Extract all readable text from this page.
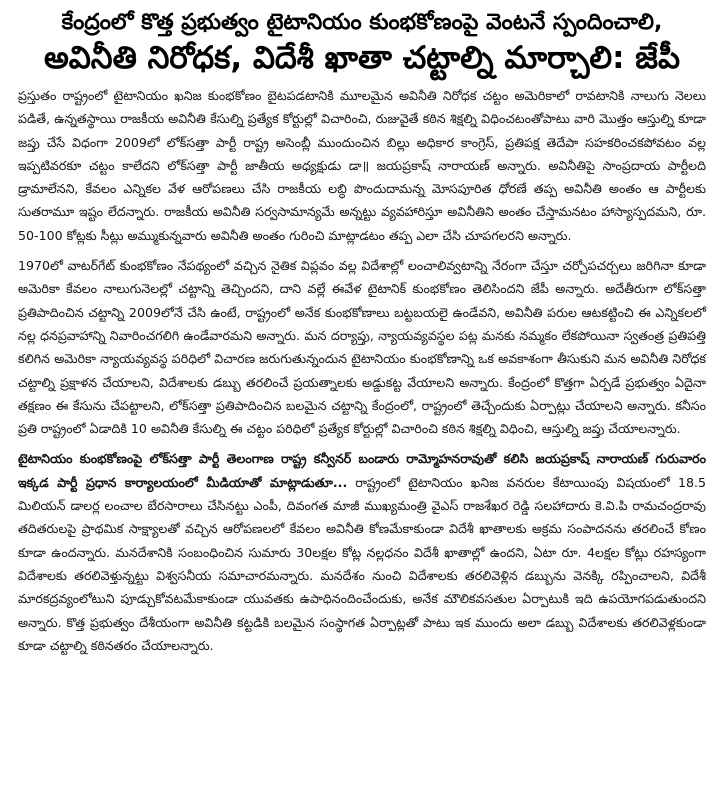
కేంద్రంలో కొత్త ప్రభుత్వం టైటానియం కుంభకోణంపై వెంటనే స్పందించాలి,
అవినీతి నిరోధక, విదేశీ ఖాతా చట్టాల్ని మార్చాలి: జేపీ

ప్రస్తుతం రాష్ట్రంలో టైటానియం ఖనిజ కుంభకోణం బైటపడటానికి మూలమైన అవినీతి నిరోధక చట్టం అమెరికాలో రావటానికి నాలుగు నెలలు పడితే, ఉన్నతస్థాయి రాజకీయ అవినీతి కేసుల్ని ప్రత్యేక కోర్టుల్లో విచారించి, రుజువైతే కఠిన శిక్షల్ని విధించటంతోపాటు వారి మొత్తం ఆస్తుల్ని కూడా జప్తు చేసే విధంగా 2009లో లోక్‌సత్తా పార్టీ రాష్ట్ర అసెంబ్లీ ముందుంచిన బిల్లు అధికార కాంగ్రెస్, ప్రతిపక్ష తెదేపా సహకరించకపోవటం వల్ల ఇప్పటివరకూ చట్టం కాలేదని లోక్‌సత్తా పార్టీ జాతీయ అధ్యక్షుడు డా॥ జయప్రకాష్ నారాయణ్ అన్నారు. అవినీతిపై సాంప్రదాయ పార్టీలది డ్రామాలేనని, కేవలం ఎన్నికల వేళ ఆరోపణలు చేసి రాజకీయ లబ్ధి పొందుదామన్న మోసపూరిత ధోరణే తప్ప అవినీతి అంతం ఆ పార్టీలకు సుతరామూ ఇష్టం లేదన్నారు. రాజకీయ అవినీతి సర్వసామాన్యమే అన్నట్టు వ్యవహారిస్తూ అవినీతిని అంతం చేస్తామనటం హాస్యాస్పదమని, రూ. 50-100 కోట్లకు సీట్లు అమ్ముకున్నవారు అవినీతి అంతం గురించి మాట్లాడటం తప్ప ఎలా చేసి చూపగలరని అన్నారు.

1970లో వాటర్‌గేట్ కుంభకోణం నేపథ్యంలో వచ్చిన నైతిక విప్లవం వల్ల విదేశాల్లో లంచాలివ్వటాన్ని నేరంగా చేస్తూ చర్చోపచర్చలు జరిగినా కూడా అమెరికా కేవలం నాలుగునెలల్లో చట్టాన్ని తెచ్చిందని, దాని వల్లే ఈవేళ టైటానిక్ కుంభకోణం తెలిసిందని జేపీ అన్నారు. అదేతీరుగా లోక్‌సత్తా ప్రతిపాదించిన చట్టాన్ని 2009లోనే చేసి ఉంటే, రాష్ట్రంలో అనేక కుంభకోణాలు బట్టబయలై ఉండేవని, అవినీతి పరుల ఆటకట్టించి ఈ ఎన్నికలలో నల్ల ధనప్రవాహాన్ని నివారించగలిగి ఉండేవారమని అన్నారు. మన దర్యాప్తు, న్యాయవ్యవస్థల పట్ల మనకు నమ్మకం లేకపోయినా స్వతంత్ర ప్రతిపత్తి కలిగిన అమెరికా న్యాయవ్యవస్థ పరిధిలో విచారణ జరుగుతున్నందున టైటానియం కుంభకోణాన్ని ఒక అవకాశంగా తీసుకుని మన అవినీతి నిరోధక చట్టాల్ని ప్రక్షాళన చేయాలని, విదేశాలకు డబ్బు తరలించే ప్రయత్నాలకు అడ్డుకట్ట వేయాలని అన్నారు. కేంద్రంలో కొత్తగా ఏర్పడే ప్రభుత్వం ఏదైనా తక్షణం ఈ కేసును చేపట్టాలని, లోక్‌సత్తా ప్రతిపాదించిన బలమైన చట్టాన్ని కేంద్రంలో, రాష్ట్రంలో తెచ్చేందుకు ఏర్పాట్లు చేయాలని అన్నారు. కనీసం ప్రతి రాష్ట్రంలో ఏడాదికి 10 అవినీతి కేసుల్ని ఈ చట్టం పరిధిలో ప్రత్యేక కోర్టుల్లో విచారించి కఠిన శిక్షల్ని విధించి, ఆస్తుల్ని జప్తు చేయాలన్నారు.

టైటానియం కుంభకోణంపై లోక్‌సత్తా పార్టీ తెలంగాణ రాష్ట్ర కన్వీనర్ బండారు రామ్మోహనరావుతో కలిసి జయప్రకాష్ నారాయణ్ గురువారం ఇక్కడ పార్టీ ప్రధాన కార్యాలయంలో మీడియాతో మాట్లాడుతూ... రాష్ట్రంలో టైటానియం ఖనిజ వనరుల కేటాయింపు విషయంలో 18.5 మిలియన్ డాలర్ల లంచాల బేరసారాలు చేసినట్టు ఎంపీ, దివంగత మాజీ ముఖ్యమంత్రి వైఎస్ రాజశేఖర రెడ్డి సలహాదారు కె.వి.పి రామచంద్రరావు తదితరులపై ప్రాథమిక సాక్ష్యాలతో వచ్చిన ఆరోపణలలో కేవలం అవినీతి కోణమేకాకుండా విదేశీ ఖాతాలకు అక్రమ సంపాదనను తరలించే కోణం కూడా ఉందన్నారు. మనదేశానికి సంబంధించిన సుమారు 30లక్షల కోట్ల నల్లధనం విదేశీ ఖాతాల్లో ఉందని, ఏటా రూ. 4లక్షల కోట్లు రహస్యంగా విదేశాలకు తరలివెళ్తున్నట్టు విశ్వసనీయ సమాచారమన్నారు. మనదేశం నుంచి విదేశాలకు తరలివెళ్లిన డబ్బును వెనక్కి రప్పించాలని, విదేశీ మారకద్రవ్యంలోటుని పూడ్చుకోవటమేకాకుండా యువతకు ఉపాధినందించేందుకు, అనేక మౌలికవసతుల ఏర్పాటుకి ఇది ఉపయోగపడుతుందని అన్నారు. కొత్త ప్రభుత్వం దేశీయంగా అవినీతి కట్టడికి బలమైన సంస్థాగత ఏర్పాట్లతో పాటు ఇక ముందు అలా డబ్బు విదేశాలకు తరలివెళ్లకుండా కూడా చట్టాల్ని కఠినతరం చేయాలన్నారు.
